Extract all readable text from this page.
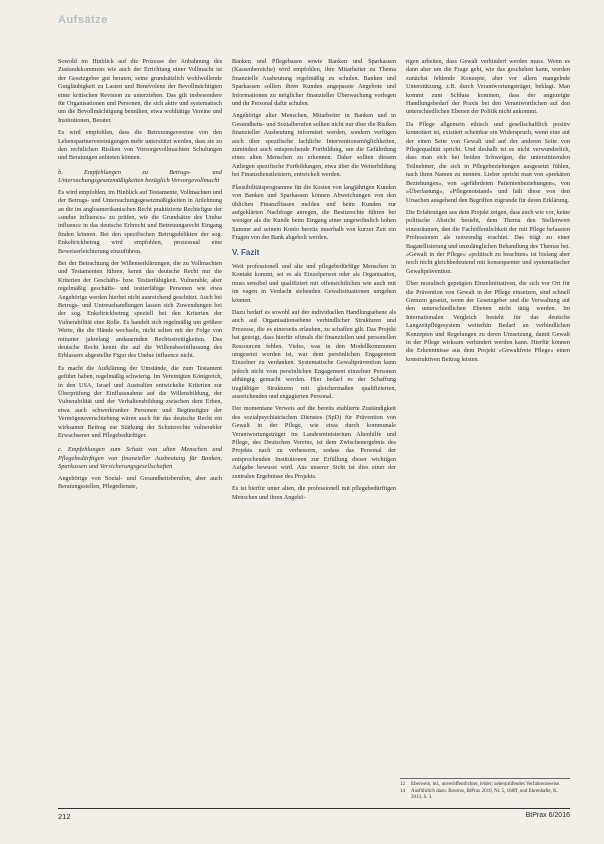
Aufsätze

Sowohl im Hinblick auf die Prozesse der Anbahnung des Zustandekommens wie auch der Errichtung einer Vollmacht ist der Gesetzgeber gut beraten, seine grundsätzlich wohlwollende Gutgläubigkeit zu Lasten und Benevolenz der Bevollmächtigten einer kritischen Revision zu unterziehen. Das gilt insbesondere für Organisationen und Personen, die sich aktiv und systematisch um die Bevollmächtigung bemühen, etwa wohltätige Vereine und Institutionen, Berater.

Es wird empfohlen, dass die Betreuungsvereine von den Lebenspartnervereinigungen mehr unterstützt werden, dass sie zu den rechtlichen Risiken von Vorsorgevollmachten Schulungen und Beratungen anbieten können.

b. Empfehlungen zu Betrugs- und Untersuchungsgesetzmäßigkeiten bezüglich Vorsorgevollmacht

Es wird empfohlen, im Hinblick auf Testamente, Vollmachten und der Betrugs- und Untersuchungsgesetzmäßigkeiten in Anlehnung an die im angloamerikanischen Recht praktizierte Rechtsfigur der »undue influence« zu prüfen, wie die Grundsätze des Undue influence in das deutsche Erbrecht und Betreuungsrecht Eingang finden können. Bei den spezifischen Betrugsdelikten der sog. Enkeltrickbetrug wird empfohlen, prozessual eine Beweiserleichterung einzuführen.

Bei der Betrachtung der Willenserklärungen, die zu Vollmachten und Testamenten führen, kennt das deutsche Recht nur die Kriterien der Geschäfts- bzw. Testierfähigkeit. Vulnerable, aber regelmäßig geschäfts- und testierfähige Personen wie etwa Angehörige werden hierbei nicht ausreichend geschützt. Auch bei Betrugs- und Untreuehandlungen lassen sich Zuwendungen bei der sog. Enkeltrickbetrug speziell bei den Kriterien der Vulnerabilität eine Rolle. Es handelt sich regelmäßig um größere Werte, die die Hände wechseln, nicht selten mit der Folge von mitunter jahrelang andauernden Rechtsstreitigkeiten. Das deutsche Recht kennt die auf die Willensbeeinflussung des Erblassers abgestellte Figur des Undue influence nicht.

Es macht die Aufklärung der Umstände, die zum Testament geführt haben, regelmäßig schwierig. Im Vereinigten Königreich, in den USA, Israel und Australien entwickelte Kriterien zur Überprüfung der Einflussnahme auf die Willensbildung, der Vulnerabilität und der Verhaltensbildung zwischen dem Erben, etwa auch schwerkranker Personen und Begünstigter der Vermögensverschiebung wären auch für das deutsche Recht ein wirksamer Beitrag zur Stärkung der Schutzrechte vulnerabler Erwachsener und Pflegebedürftiger.

c. Empfehlungen zum Schutz von alten Menschen und Pflegebedürftigen von finanzieller Ausbeutung für Banken, Sparkassen und Versicherungsgesellschaften

Angehörige von Sozial- und Gesundheitsberufen, aber auch Beratungsstellen, Pflegedienste,

Banken und Pflegebasen sowie Banken und Sparkassen (Kassenbereiche) wird empfohlen, ihre Mitarbeiter zu Thema finanzielle Ausbeutung regelmäßig zu schulen. Banken und Sparkassen sollten ihren Kunden angepasste Angebote und Informationen zu möglicher finanzieller Überwachung vorlegen und ihr Personal dafür schulen.

Angehörige alter Menschen, Mitarbeiter in Banken und in Gesundheits- und Sozialberufen sollten nicht nur über die Risiken finanzieller Ausbeutung informiert werden, sondern verfügen auch über spezifische fachliche Interventionsmöglichkeiten, zumindest auch entsprechende Fortbildung, um die Gefährdung eines alten Menschen zu erkennen. Daher sollten diesem Anliegen spezifische Fortbildungen, etwa über die Weiterbildung bei Finanzdienstleistern, entwickelt werden.

Plausibilitätsprogramme für die Kosten von langjährigen Kunden von Banken und Sparkassen können Abweichungen von den üblichen Finanzflüssen melden und beim Kunden zur aufgeklärten Nachfrage anregen, die Besitzrechte führen bei weniger als die Kunde beim Eingang einer ungewöhnlich hohen Summe auf seinem Konto bereits innerhalb von kurzer Zeit ein Fragen von der Bank abgeholt werden.

V. Fazit

Weit professionell und alte und pflegebedürftige Menschen in Kontakt kommt, sei es als Einzelperson oder als Organisation, muss sensibel und qualifiziert mit offensichtlichen wie auch mit im vagen in Verdacht stehenden Gewaltsituationen umgehen können.

Dazu bedarf es sowohl auf der individuellen Handlungsebene als auch auf Organisationsebene verbindlicher Strukturen und Prozesse, die es einerseits erlauben, zu schaffen gilt. Das Projekt hat gezeigt, dass hierfür oftmals die finanziellen und personellen Ressourcen fehlen. Vieles, was in den Modellkommunen umgesetzt worden ist, war dem persönlichen Engagement Einzelner zu verdanken. Systematische Gewaltprävention kann jedoch nicht vom persönlichen Engagement einzelner Personen abhängig gemacht werden. Hier bedarf es der Schaffung tragfähiger Strukturen mit gleichermaßen qualifizierten, ausreichenden und engagierten Personal.

Der momentane Verweis auf die bereits etablierte Zuständigkeit des sozialpsychiatrischen Dienstes (SpD) für Prävention von Gewalt in der Pflege, wie etwa durch kommunale Verantwortungsträger im Landesministerium Altenhilfe und Pflege, des Deutschen Vereins, ist dem Zwischenergebnis des Projekts nach zu verbessern, sodass das Personal der entsprechenden Institutionen zur Erfüllung dieser wichtigen Aufgabe bewusst wird. Aus unserer Sicht ist dies einer der zentralen Ergebnisse des Projekts.

Es ist hierfür unter alten, die professionell mit pflegebedürftigen Menschen und ihren Angehö-

rigen arbeiten, dass Gewalt verhindert werden muss. Wenn es dann aber um die Frage geht, wie das geschehen kann, werden zunächst fehlende Konzepte, aber vor allem mangelnde Unterstützung, z.B. durch Verantwortungsträger, beklagt. Man kommt zum Schluss kommen, dass der angezeigte Handlungsbedarf der Praxis bei den Verantwortlichen auf den unterschiedlichen Ebenen der Politik nicht ankommt.

Da Pflege allgemein ethisch und gesellschaftlich positiv konnotiert ist, existiert scheinbar ein Widerspruch, wenn eine auf der einen Seite von Gewalt und auf der anderen Seite von Pflegequalität spricht. Und deshalb ist es nicht verwunderlich, dass man sich bei beiden Schweigen, die unterstützenden Teilnehmer, die sich in Pflegebeziehungen ausgesetzt fühlen, nach ihren Namen zu nennen. Lieber spricht man von »prekären Beziehungen«, von »gefährdeten Patientenbeziehungen«, von »Überlastung«, »Pflegenotstand« und hält diese von den Ursachen ausgehend den Begriffen zugrunde für deren Erklärung.

Die Erfahrungen aus dem Projekt zeigen, dass auch wie vor, keine politische Absicht besteht, dem Thema den Stellenwert einzuräumen, den die Fachöffentlichkeit der mit Pflege befassten Professionen als notwendig erachtet. Das trägt zu einer Bagatellisierung und unzulänglichen Behandlung des Themas bei. »Gewalt in der Pflege« »politisch zu beachten« ist bislang aber noch nicht gleichbedeutend mit konsequenter und systematischer Gewaltprävention.

Über moralisch geprägten Einzelinitiativen, die sich vor Ort für die Prävention von Gewalt in der Pflege einsetzen, sind schnell Grenzen gesetzt, wenn der Gesetzgeber und die Verwaltung auf den unterschiedlichen Ebenen nicht tätig werden. Im Internationalen Vergleich besteht für das deutsche Langzeitpflegesystem weiterhin Bedarf an verbindlichen Konzepten und Regelungen zu deren Umsetzung, damit Gewalt in der Pflege wirksam verhindert werden kann. Hierfür können die Erkenntnisse aus dem Projekt »Gewaltfreie Pflege« einen konstruktiven Beitrag leisten.

12 Eberwein, ml., unveröffentlichter, leider; ueberprüfendes Verfahrensweise.
14 Ausführlich dazu: Boutros, BtPrax 2016, Nr. 5, 168ff, und Ehrenhafte, K. 2013, S. 3.
212	BtPrax 6/2016
